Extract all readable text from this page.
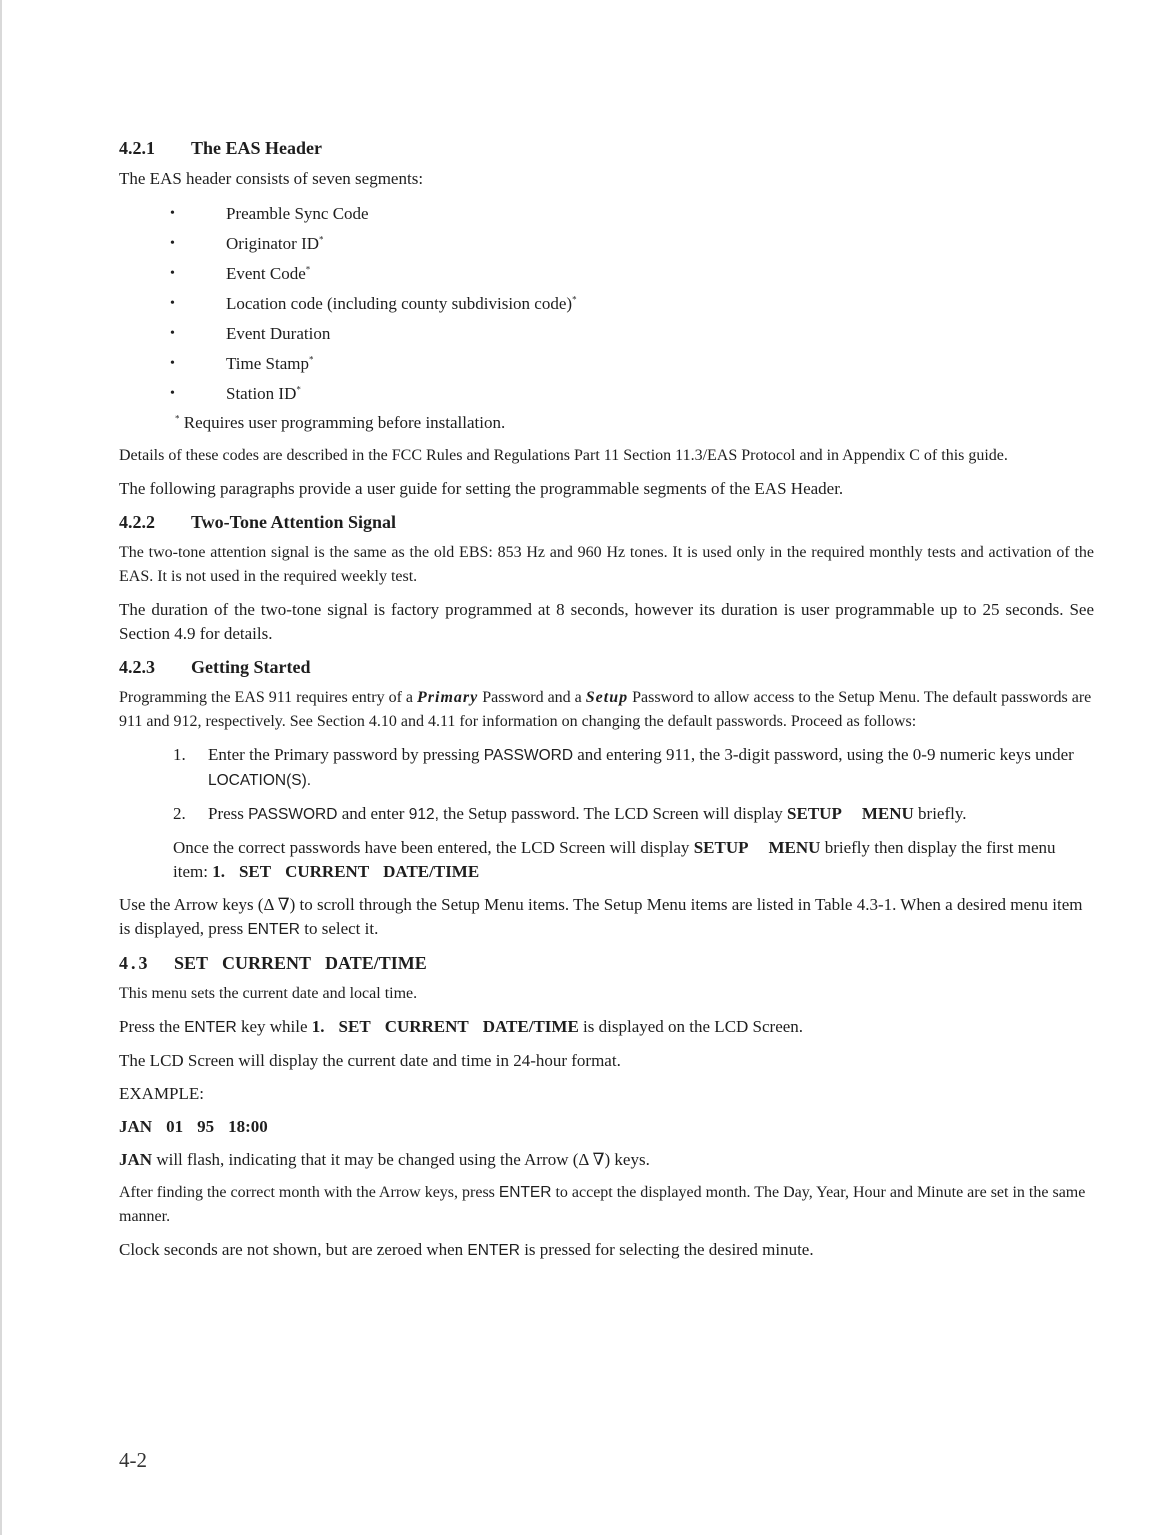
4.2.1 The EAS Header

The EAS header consists of seven segments:

•	Preamble Sync Code
•	Originator ID*
•	Event Code*
•	Location code (including county subdivision code)*
•	Event Duration
•	Time Stamp*
•	Station ID*

* Requires user programming before installation.

Details of these codes are described in the FCC Rules and Regulations Part 11 Section 11.3/EAS Protocol and in Appendix C of this guide.

The following paragraphs provide a user guide for setting the programmable segments of the EAS Header.

4.2.2 Two-Tone Attention Signal

The two-tone attention signal is the same as the old EBS: 853 Hz and 960 Hz tones. It is used only in the required monthly tests and activation of the EAS. It is not used in the required weekly test.

The duration of the two-tone signal is factory programmed at 8 seconds, however its duration is user programmable up to 25 seconds. See Section 4.9 for details.

4.2.3 Getting Started

Programming the EAS 911 requires entry of a Primary Password and a Setup Password to allow access to the Setup Menu. The default passwords are 911 and 912, respectively. See Section 4.10 and 4.11 for information on changing the default passwords. Proceed as follows:

1. Enter the Primary password by pressing PASSWORD and entering 911, the 3-digit password, using the 0-9 numeric keys under LOCATION(S).
2. Press PASSWORD and enter 912, the Setup password. The LCD Screen will display SETUP MENU briefly.

Once the correct passwords have been entered, the LCD Screen will display SETUP MENU briefly then display the first menu item: 1. SET CURRENT DATE/TIME

Use the Arrow keys (Δ ∇) to scroll through the Setup Menu items. The Setup Menu items are listed in Table 4.3-1. When a desired menu item is displayed, press ENTER to select it.

4.3 SET CURRENT DATE/TIME

This menu sets the current date and local time.

Press the ENTER key while 1. SET CURRENT DATE/TIME is displayed on the LCD Screen.

The LCD Screen will display the current date and time in 24-hour format.

EXAMPLE:

JAN 01 95 18:00

JAN will flash, indicating that it may be changed using the Arrow (Δ ∇) keys.

After finding the correct month with the Arrow keys, press ENTER to accept the displayed month. The Day, Year, Hour and Minute are set in the same manner.

Clock seconds are not shown, but are zeroed when ENTER is pressed for selecting the desired minute.

4-2
